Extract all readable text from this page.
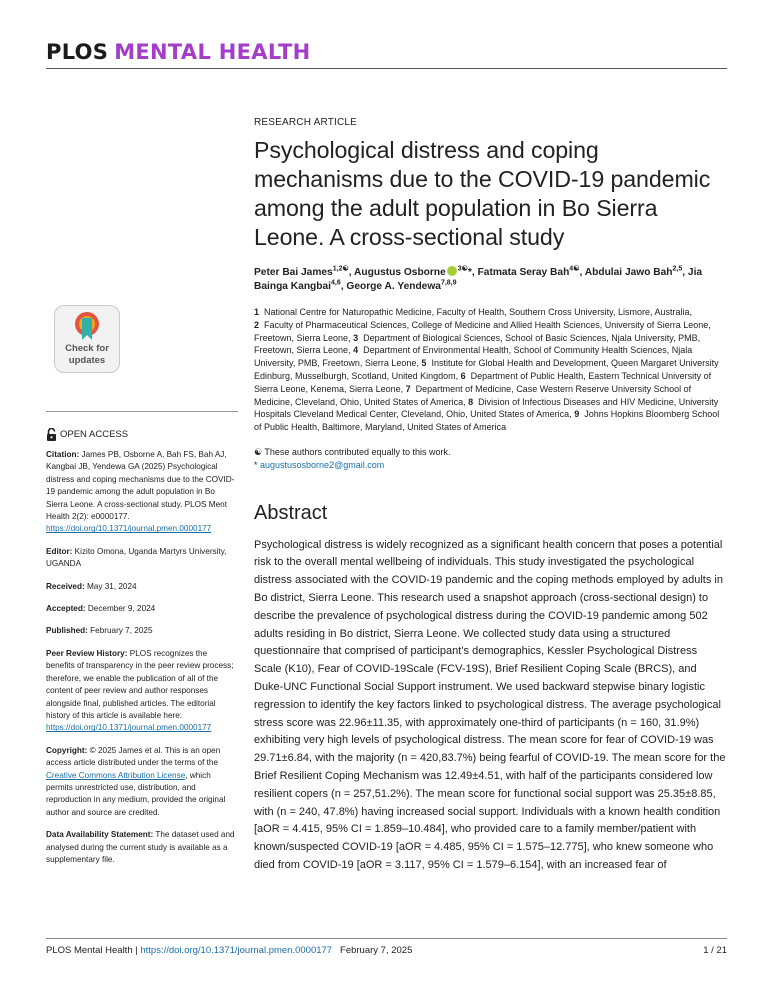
PLOS MENTAL HEALTH
Check for
updates
OPEN ACCESS
Citation: James PB, Osborne A, Bah FS, Bah AJ, Kangbai JB, Yendewa GA (2025) Psychological distress and coping mechanisms due to the COVID-19 pandemic among the adult population in Bo Sierra Leone. A cross-sectional study. PLOS Ment Health 2(2): e0000177. https://doi.org/10.1371/journal.pmen.0000177
Editor: Kizito Omona, Uganda Martyrs University, UGANDA
Received: May 31, 2024
Accepted: December 9, 2024
Published: February 7, 2025
Peer Review History: PLOS recognizes the benefits of transparency in the peer review process; therefore, we enable the publication of all of the content of peer review and author responses alongside final, published articles. The editorial history of this article is available here: https://doi.org/10.1371/journal.pmen.0000177
Copyright: © 2025 James et al. This is an open access article distributed under the terms of the Creative Commons Attribution License, which permits unrestricted use, distribution, and reproduction in any medium, provided the original author and source are credited.
Data Availability Statement: The dataset used and analysed during the current study is available as a supplementary file.
RESEARCH ARTICLE
Psychological distress and coping mechanisms due to the COVID-19 pandemic among the adult population in Bo Sierra Leone. A cross-sectional study
Peter Bai James$^{1,2☯}$, Augustus Osborne $^{3☯}$*, Fatmata Seray Bah$^{4☯}$, Abdulai Jawo Bah$^{2,5}$, Jia Bainga Kangbai$^{4,6}$, George A. Yendewa$^{7,8,9}$
1 National Centre for Naturopathic Medicine, Faculty of Health, Southern Cross University, Lismore, Australia, 2 Faculty of Pharmaceutical Sciences, College of Medicine and Allied Health Sciences, University of Sierra Leone, Freetown, Sierra Leone, 3 Department of Biological Sciences, School of Basic Sciences, Njala University, PMB, Freetown, Sierra Leone, 4 Department of Environmental Health, School of Community Health Sciences, Njala University, PMB, Freetown, Sierra Leone, 5 Institute for Global Health and Development, Queen Margaret University Edinburg, Musselburgh, Scotland, United Kingdom, 6 Department of Public Health, Eastern Technical University of Sierra Leone, Kenema, Sierra Leone, 7 Department of Medicine, Case Western Reserve University School of Medicine, Cleveland, Ohio, United States of America, 8 Division of Infectious Diseases and HIV Medicine, University Hospitals Cleveland Medical Center, Cleveland, Ohio, United States of America, 9 Johns Hopkins Bloomberg School of Public Health, Baltimore, Maryland, United States of America
☯ These authors contributed equally to this work.
* augustusosborne2@gmail.com
Abstract

Psychological distress is widely recognized as a significant health concern that poses a potential risk to the overall mental wellbeing of individuals. This study investigated the psychological distress associated with the COVID-19 pandemic and the coping methods employed by adults in Bo district, Sierra Leone. This research used a snapshot approach (cross-sectional design) to describe the prevalence of psychological distress during the COVID-19 pandemic among 502 adults residing in Bo district, Sierra Leone. We collected study data using a structured questionnaire that comprised of participant’s demographics, Kessler Psychological Distress Scale (K10), Fear of COVID-19Scale (FCV-19S), Brief Resilient Coping Scale (BRCS), and Duke-UNC Functional Social Support instrument. We used backward stepwise binary logistic regression to identify the key factors linked to psychological distress. The average psychological stress score was 22.96±11.35, with approximately one-third of participants (n = 160, 31.9%) exhibiting very high levels of psychological distress. The mean score for fear of COVID-19 was 29.71±6.84, with the majority (n = 420,83.7%) being fearful of COVID-19. The mean score for the Brief Resilient Coping Mechanism was 12.49±4.51, with half of the participants considered low resilient copers (n = 257,51.2%). The mean score for functional social support was 25.35±8.85, with (n = 240, 47.8%) having increased social support. Individuals with a known health condition [aOR = 4.415, 95% CI = 1.859–10.484], who provided care to a family member/patient with known/suspected COVID-19 [aOR = 4.485, 95% CI = 1.575–12.775], who knew someone who died from COVID-19 [aOR = 3.117, 95% CI = 1.579–6.154], with an increased fear of

PLOS Mental Health | https://doi.org/10.1371/journal.pmen.0000177 February 7, 2025	1 / 21
